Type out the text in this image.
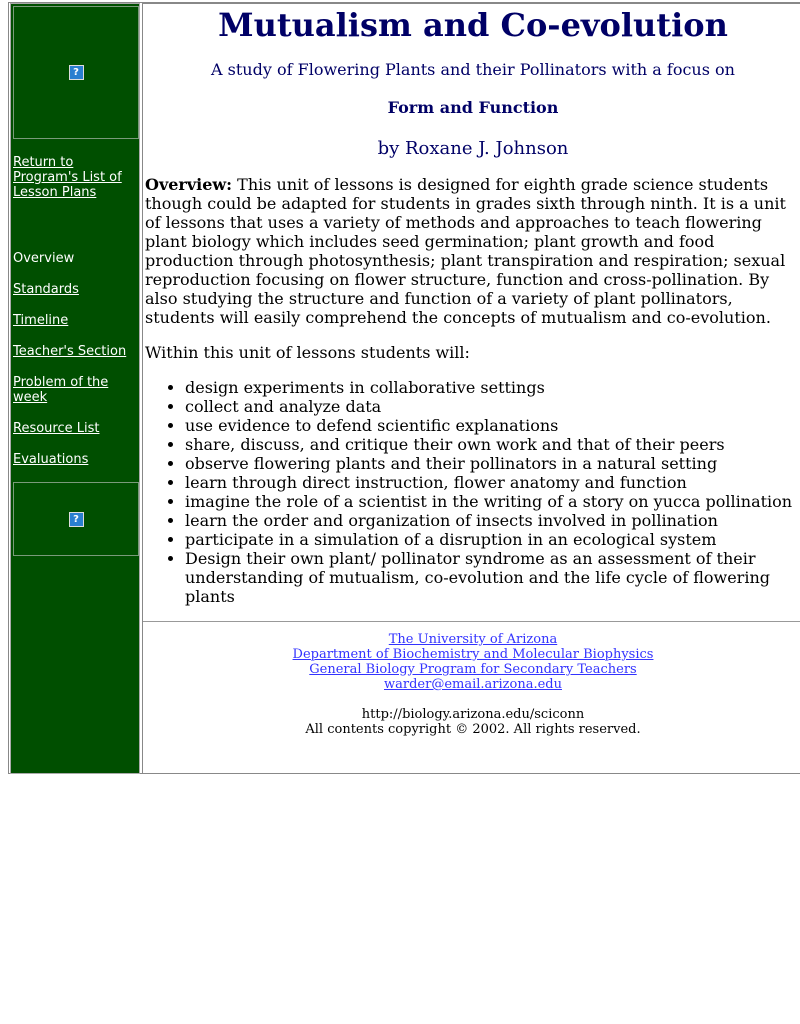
?
Return to Program's List of Lesson Plans
Overview
Standards
Timeline
Teacher's Section
Problem of the week
Resource List
Evaluations
?
Mutualism and Co-evolution
A study of Flowering Plants and their Pollinators with a focus on
Form and Function
by Roxane J. Johnson
Overview: This unit of lessons is designed for eighth grade science students though could be adapted for students in grades sixth through ninth. It is a unit of lessons that uses a variety of methods and approaches to teach flowering plant biology which includes seed germination; plant growth and food production through photosynthesis; plant transpiration and respiration; sexual reproduction focusing on flower structure, function and cross-pollination. By also studying the structure and function of a variety of plant pollinators, students will easily comprehend the concepts of mutualism and co-evolution.
Within this unit of lessons students will:
• design experiments in collaborative settings
• collect and analyze data
• use evidence to defend scientific explanations
• share, discuss, and critique their own work and that of their peers
• observe flowering plants and their pollinators in a natural setting
• learn through direct instruction, flower anatomy and function
• imagine the role of a scientist in the writing of a story on yucca pollination
• learn the order and organization of insects involved in pollination
• participate in a simulation of a disruption in an ecological system
• Design their own plant/ pollinator syndrome as an assessment of their understanding of mutualism, co-evolution and the life cycle of flowering plants
The University of Arizona
Department of Biochemistry and Molecular Biophysics
General Biology Program for Secondary Teachers
warder@email.arizona.edu
http://biology.arizona.edu/sciconn
All contents copyright © 2002. All rights reserved.
